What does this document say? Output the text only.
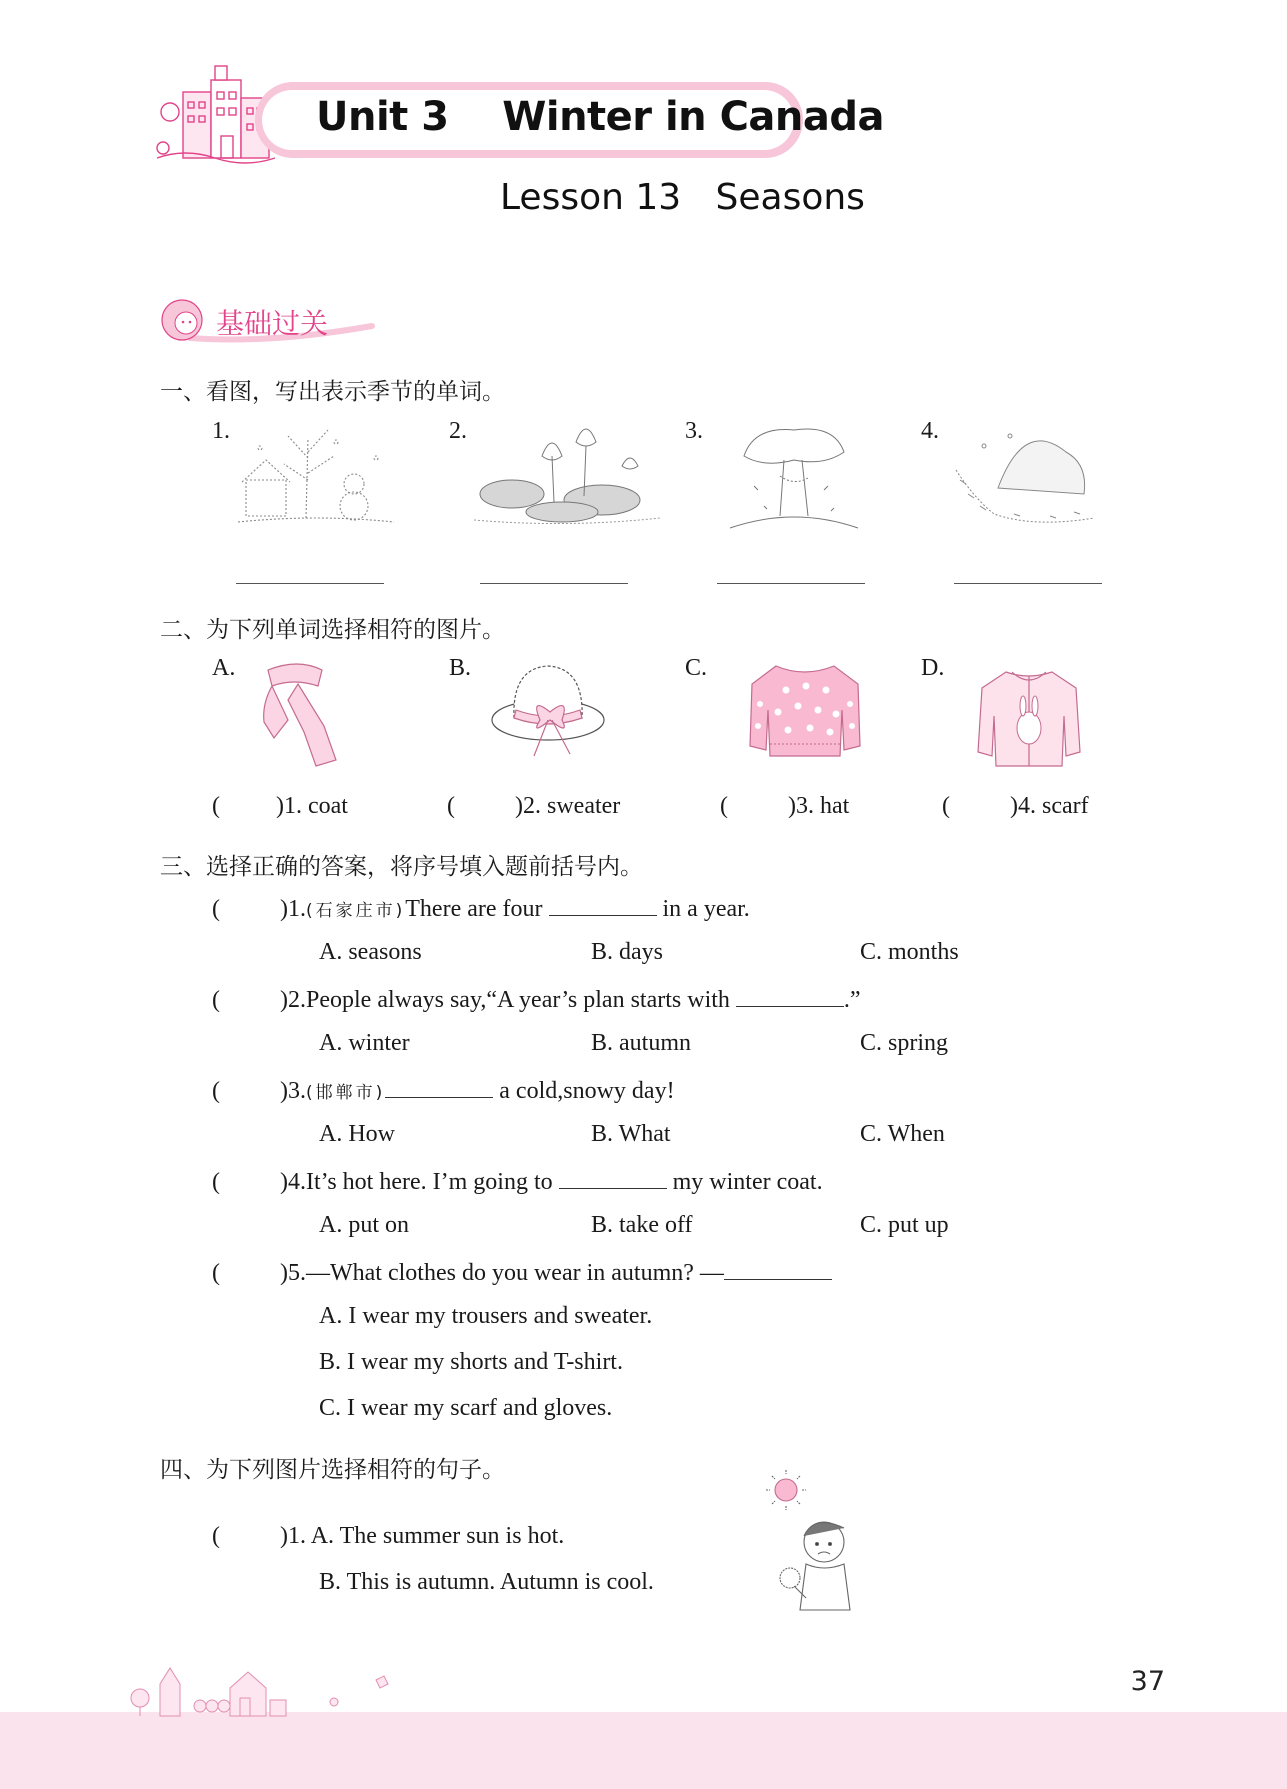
Unit 3    Winter in Canada
Lesson 13   Seasons
基础过关
一、看图，写出表示季节的单词。
1.	2.	3.	4.
二、为下列单词选择相符的图片。
A.	B.	C.	D.
( )1. coat	(	)2. sweater	(	)3. hat	(	)4. scarf
三、选择正确的答案，将序号填入题前括号内。
(	)1.(石家庄市)There are four	in a year.
A. seasons	B. days	C. months
(	)2.People always say,“A year’s plan starts with	.”
A. winter	B. autumn	C. spring
(	)3.(邯郸市)	a cold,snowy day!
A. How	B. What	C. When
(	)4.It’s hot here. I’m going to	my winter coat.
A. put on	B. take off	C. put up
(	)5.—What clothes do you wear in autumn? —
A. I wear my trousers and sweater.
B. I wear my shorts and T-shirt.
C. I wear my scarf and gloves.
四、为下列图片选择相符的句子。
(	)1. A. The summer sun is hot.
B. This is autumn. Autumn is cool.
37
